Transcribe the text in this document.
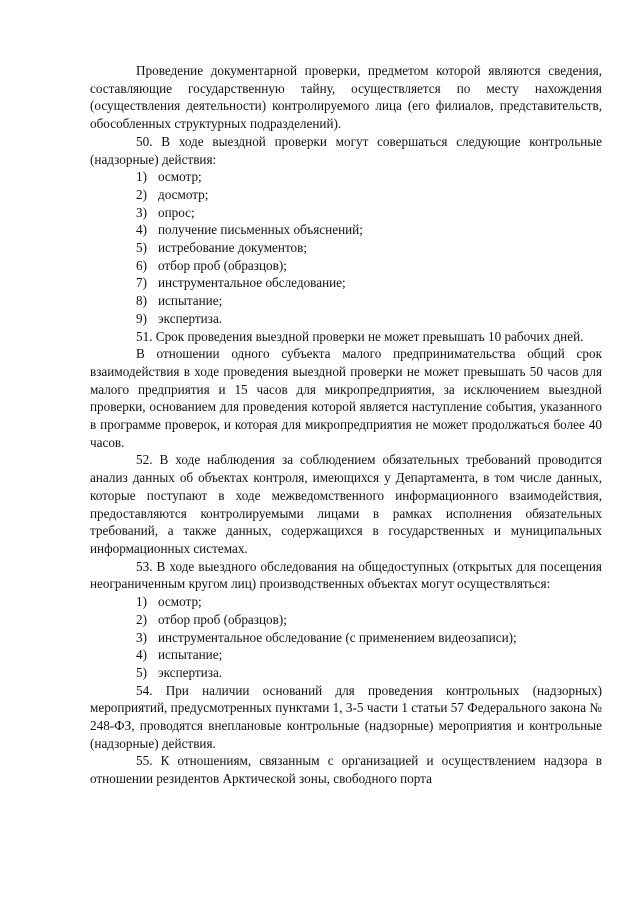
Проведение документарной проверки, предметом которой являются сведения, составляющие государственную тайну, осуществляется по месту нахождения (осуществления деятельности) контролируемого лица (его филиалов, представительств, обособленных структурных подразделений).

50. В ходе выездной проверки могут совершаться следующие контрольные (надзорные) действия:

1) осмотр;
2) досмотр;
3) опрос;
4) получение письменных объяснений;
5) истребование документов;
6) отбор проб (образцов);
7) инструментальное обследование;
8) испытание;
9) экспертиза.

51. Срок проведения выездной проверки не может превышать 10 рабочих дней.

В отношении одного субъекта малого предпринимательства общий срок взаимодействия в ходе проведения выездной проверки не может превышать 50 часов для малого предприятия и 15 часов для микропредприятия, за исключением выездной проверки, основанием для проведения которой является наступление события, указанного в программе проверок, и которая для микропредприятия не может продолжаться более 40 часов.

52. В ходе наблюдения за соблюдением обязательных требований проводится анализ данных об объектах контроля, имеющихся у Департамента, в том числе данных, которые поступают в ходе межведомственного информационного взаимодействия, предоставляются контролируемыми лицами в рамках исполнения обязательных требований, а также данных, содержащихся в государственных и муниципальных информационных системах.

53. В ходе выездного обследования на общедоступных (открытых для посещения неограниченным кругом лиц) производственных объектах могут осуществляться:

1) осмотр;
2) отбор проб (образцов);
3) инструментальное обследование (с применением видеозаписи);
4) испытание;
5) экспертиза.

54. При наличии оснований для проведения контрольных (надзорных) мероприятий, предусмотренных пунктами 1, 3-5 части 1 статьи 57 Федерального закона № 248-ФЗ, проводятся внеплановые контрольные (надзорные) мероприятия и контрольные (надзорные) действия.

55. К отношениям, связанным с организацией и осуществлением надзора в отношении резидентов Арктической зоны, свободного порта
